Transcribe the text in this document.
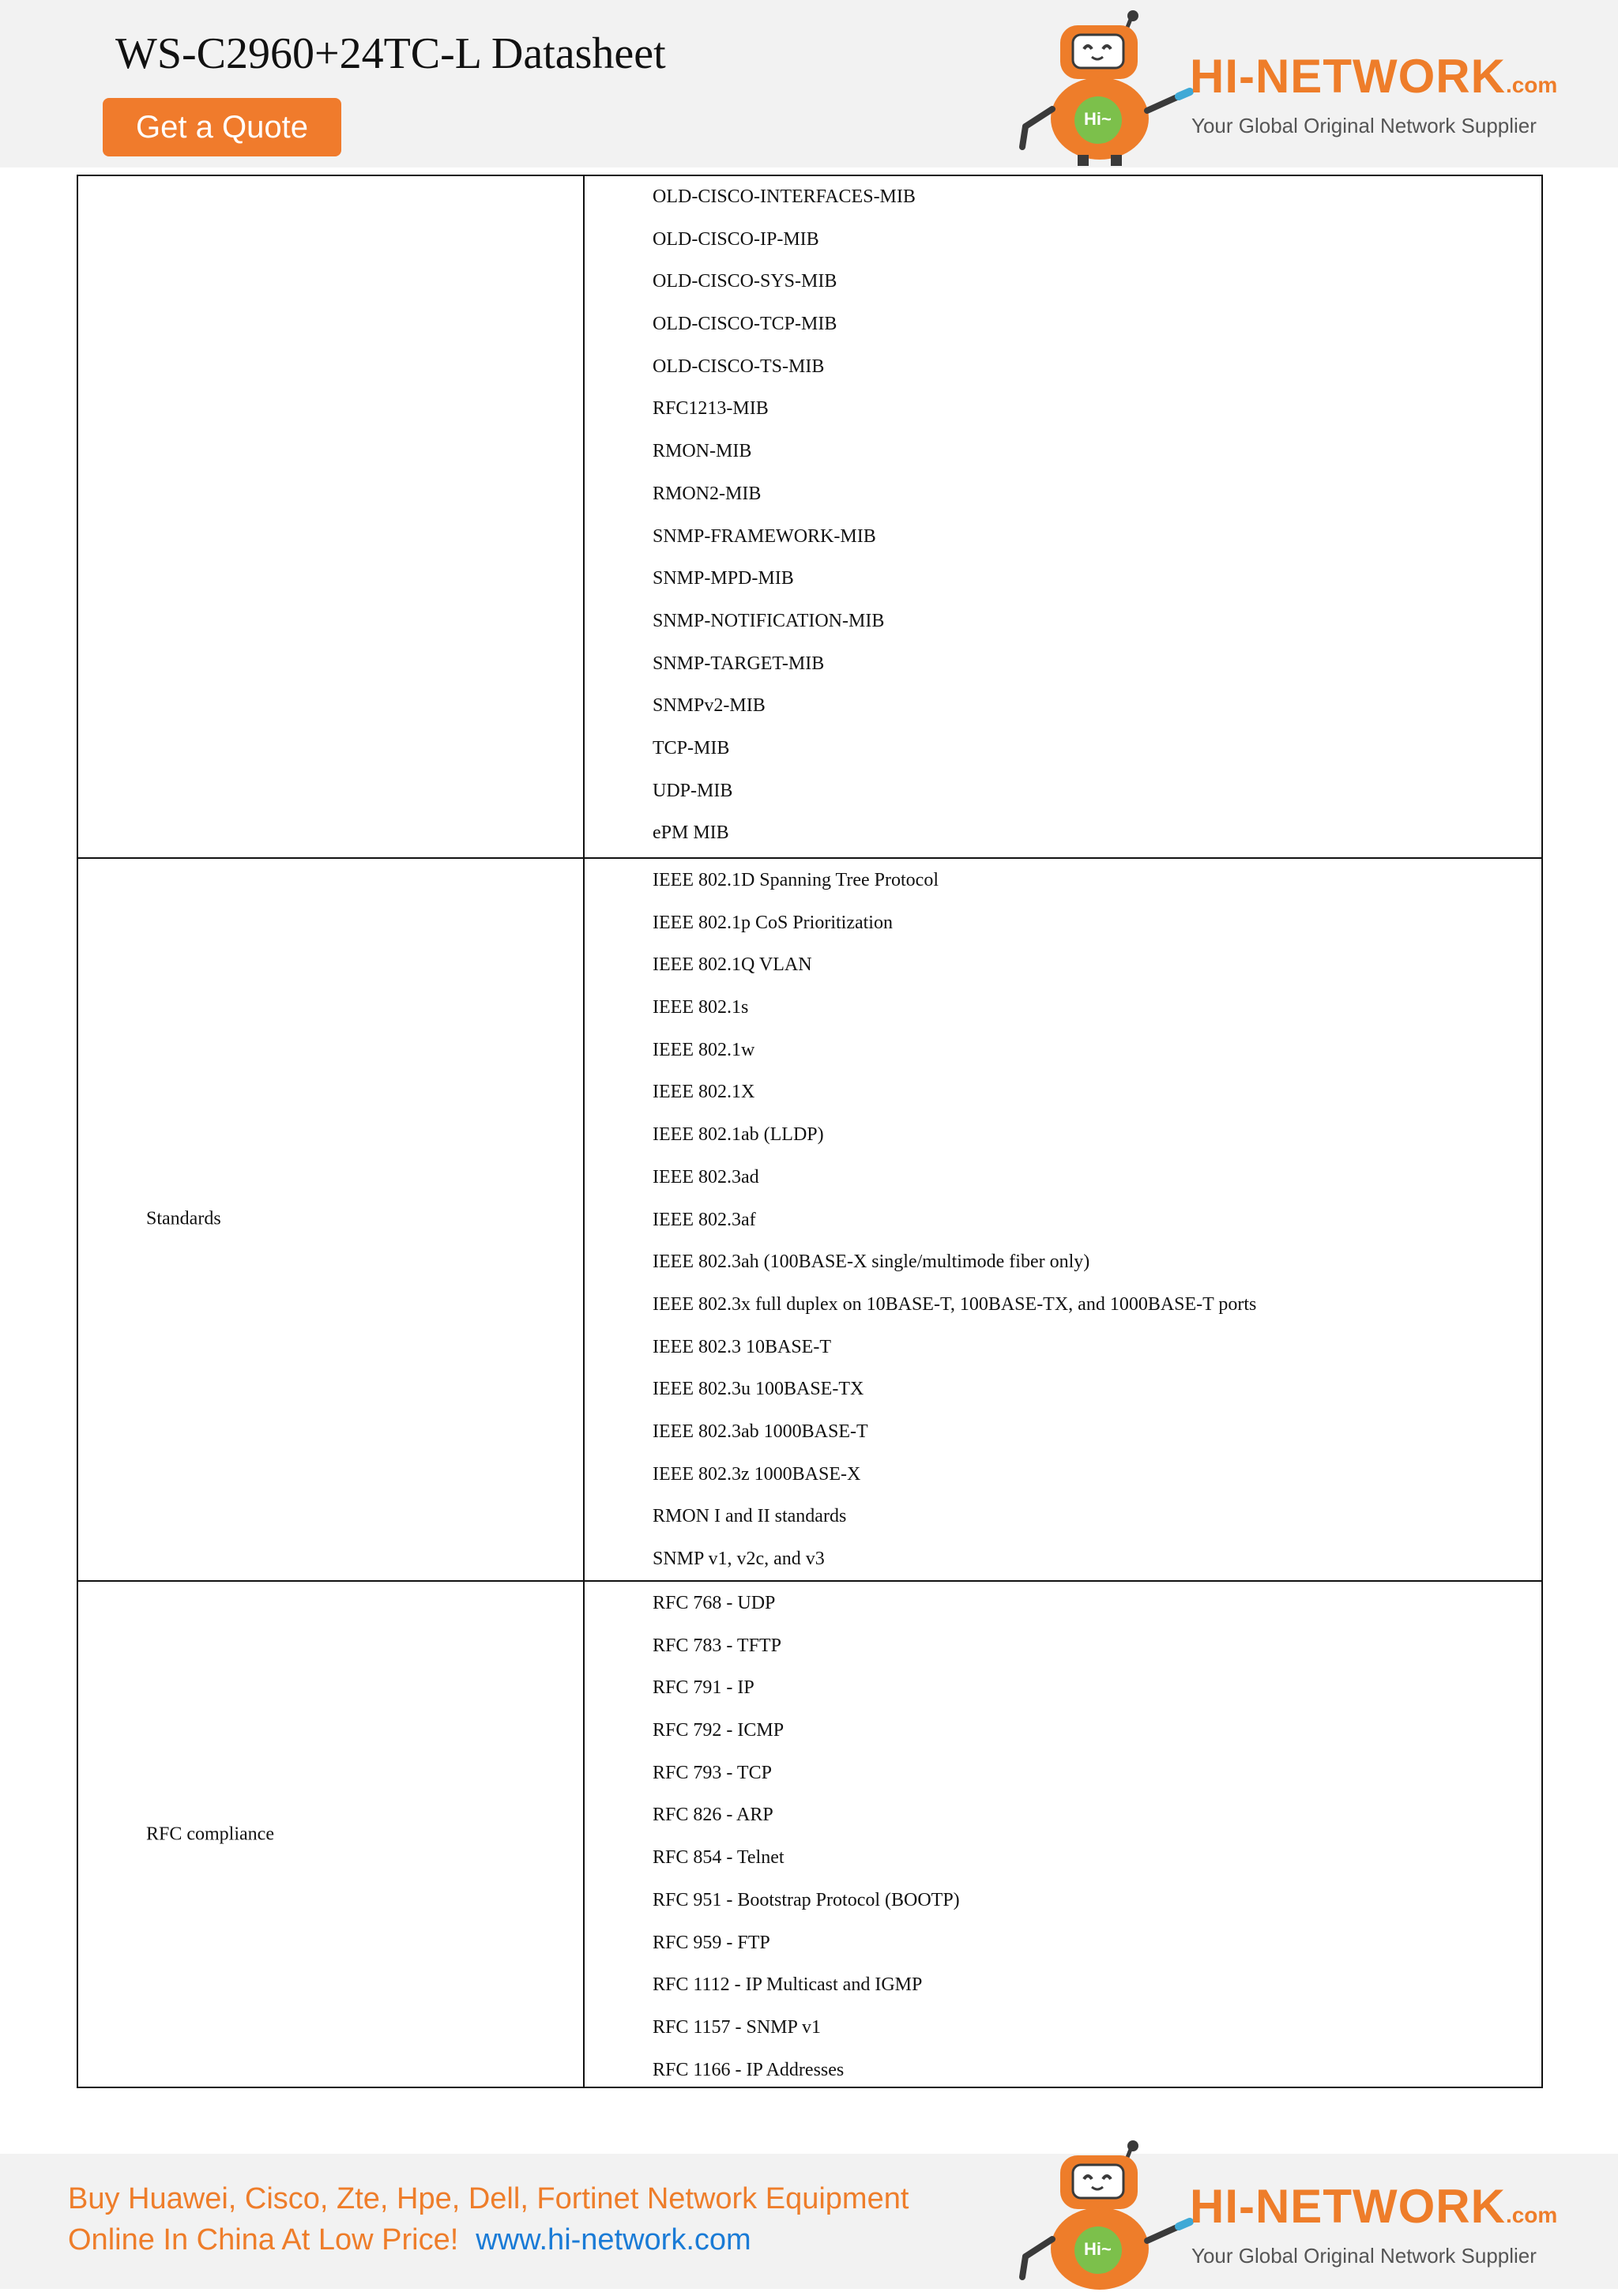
WS-C2960+24TC-L Datasheet
Get a Quote	Hi~
HI-NETWORK.com
Your Global Original Network Supplier
OLD-CISCO-INTERFACES-MIB
OLD-CISCO-IP-MIB
OLD-CISCO-SYS-MIB
OLD-CISCO-TCP-MIB
OLD-CISCO-TS-MIB
RFC1213-MIB
RMON-MIB
RMON2-MIB
SNMP-FRAMEWORK-MIB
SNMP-MPD-MIB
SNMP-NOTIFICATION-MIB
SNMP-TARGET-MIB
SNMPv2-MIB
TCP-MIB
UDP-MIB
ePM MIB
Standards
IEEE 802.1D Spanning Tree Protocol
IEEE 802.1p CoS Prioritization
IEEE 802.1Q VLAN
IEEE 802.1s
IEEE 802.1w
IEEE 802.1X
IEEE 802.1ab (LLDP)
IEEE 802.3ad
IEEE 802.3af
IEEE 802.3ah (100BASE-X single/multimode fiber only)
IEEE 802.3x full duplex on 10BASE-T, 100BASE-TX, and 1000BASE-T ports
IEEE 802.3 10BASE-T
IEEE 802.3u 100BASE-TX
IEEE 802.3ab 1000BASE-T
IEEE 802.3z 1000BASE-X
RMON I and II standards
SNMP v1, v2c, and v3
RFC compliance
RFC 768 - UDP
RFC 783 - TFTP
RFC 791 - IP
RFC 792 - ICMP
RFC 793 - TCP
RFC 826 - ARP
RFC 854 - Telnet
RFC 951 - Bootstrap Protocol (BOOTP)
RFC 959 - FTP
RFC 1112 - IP Multicast and IGMP
RFC 1157 - SNMP v1
RFC 1166 - IP Addresses
Buy Huawei, Cisco, Zte, Hpe, Dell, Fortinet Network Equipment
Online In China At Low Price! www.hi-network.com	Hi~
HI-NETWORK.com
Your Global Original Network Supplier
